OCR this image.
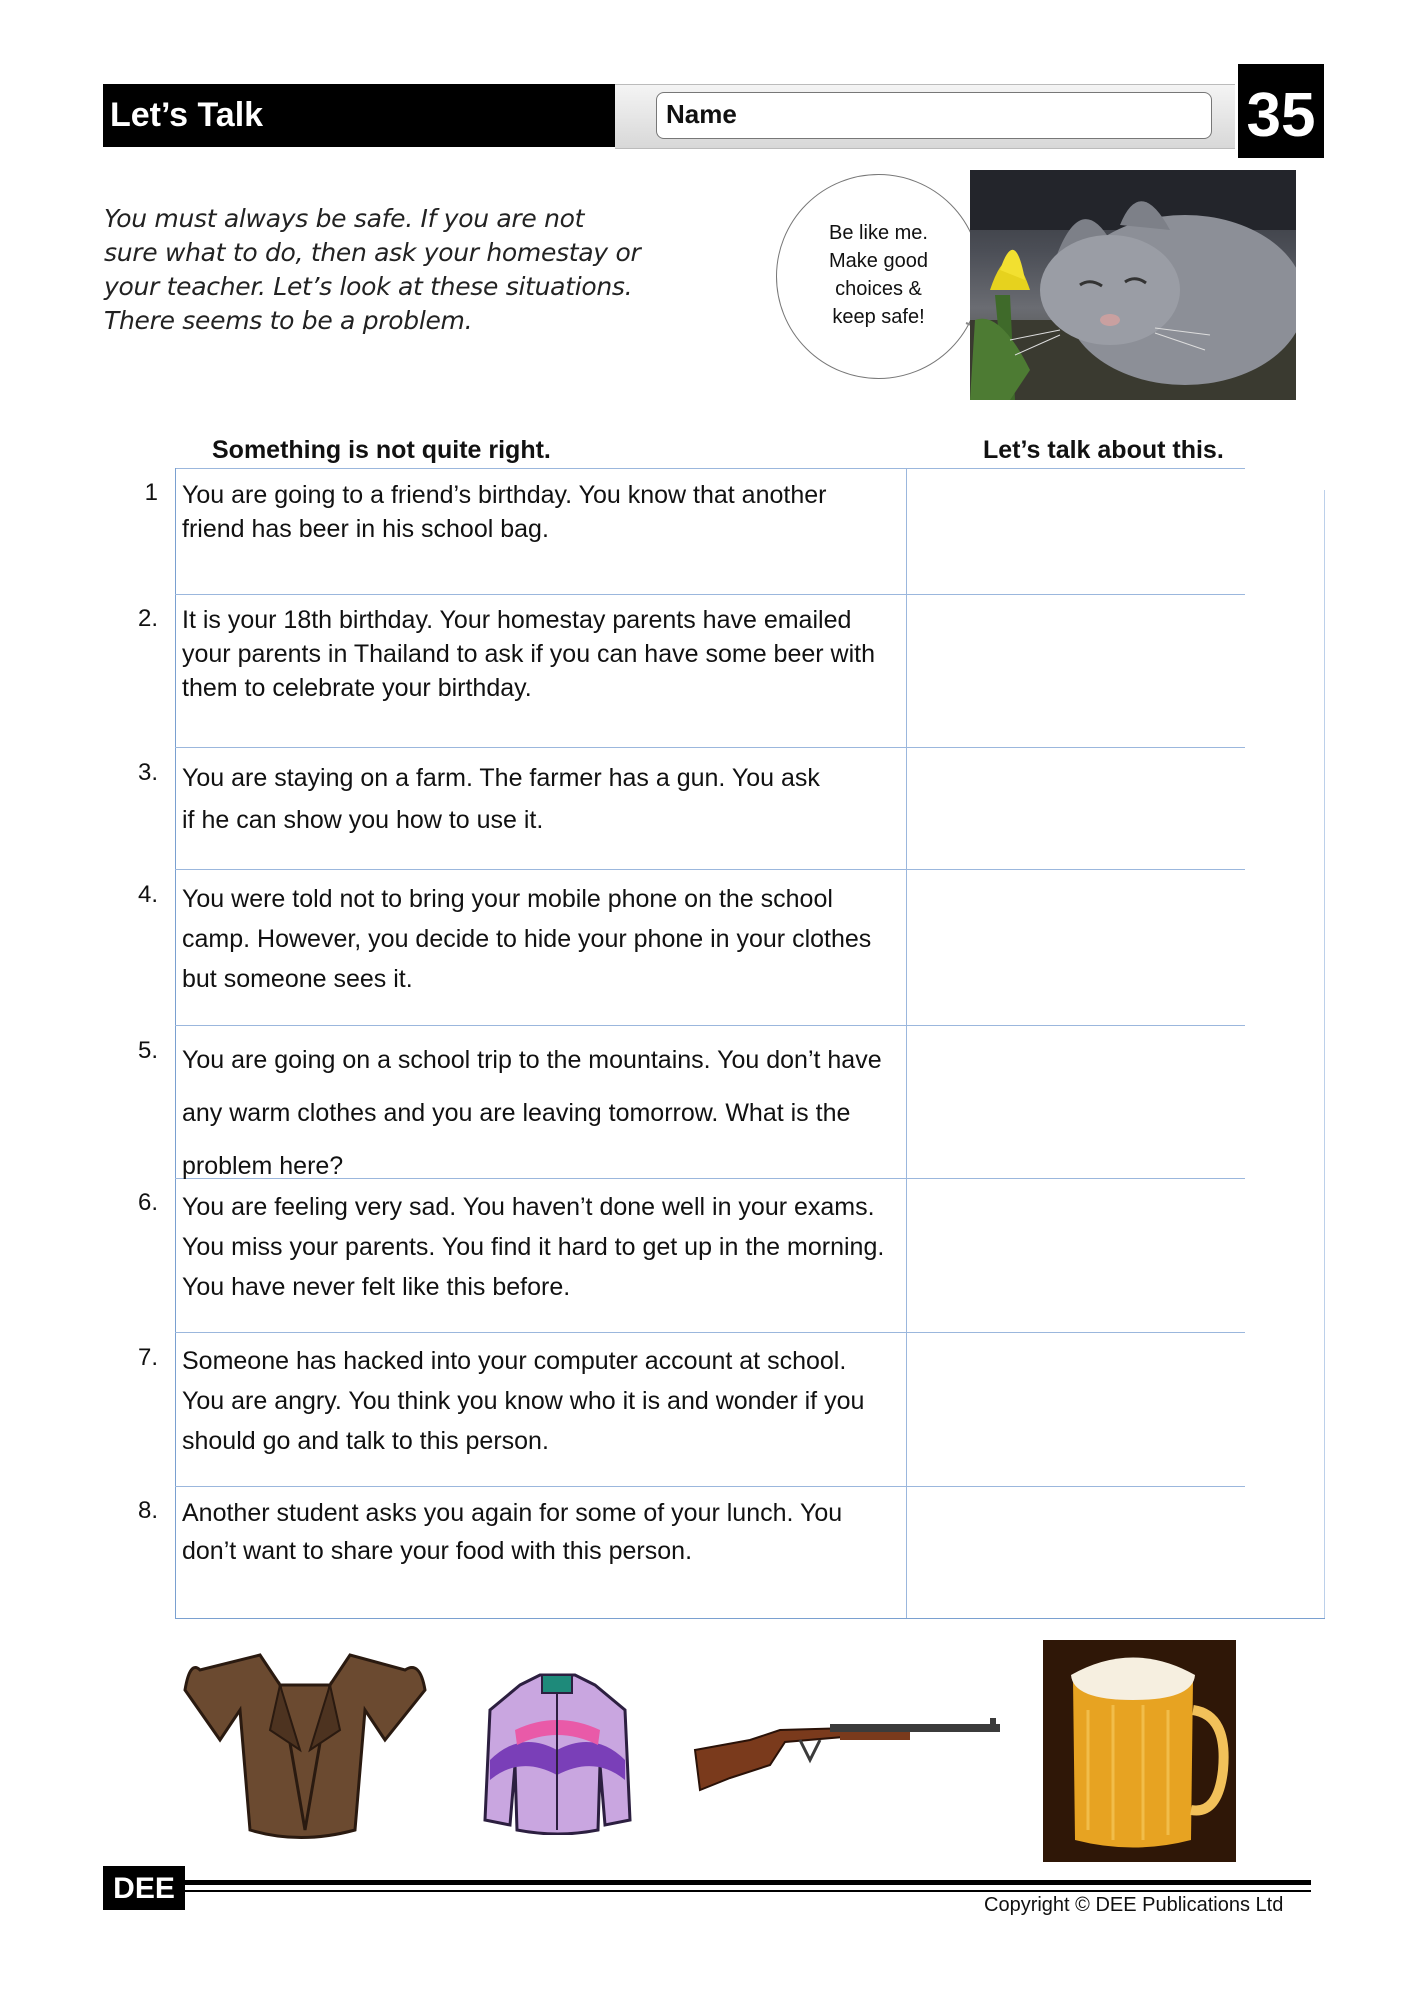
Let’s Talk	Name	35
You must always be safe. If you are not sure what to do, then ask your homestay or your teacher. Let’s look at these situations. There seems to be a problem.
Be like me.
Make good
choices &
keep safe!
Something is not quite right.	Let’s talk about this.
1 You are going to a friend’s birthday. You know that another friend has beer in his school bag.
2. It is your 18th birthday. Your homestay parents have emailed your parents in Thailand to ask if you can have some beer with them to celebrate your birthday.
3. You are staying on a farm. The farmer has a gun. You ask if he can show you how to use it.
4. You were told not to bring your mobile phone on the school camp. However, you decide to hide your phone in your clothes but someone sees it.
5. You are going on a school trip to the mountains. You don’t have any warm clothes and you are leaving tomorrow. What is the problem here?
6. You are feeling very sad. You haven’t done well in your exams. You miss your parents. You find it hard to get up in the morning. You have never felt like this before.
7. Someone has hacked into your computer account at school. You are angry. You think you know who it is and wonder if you should go and talk to this person.
8. Another student asks you again for some of your lunch. You don’t want to share your food with this person.
DEE	Copyright © DEE Publications Ltd
